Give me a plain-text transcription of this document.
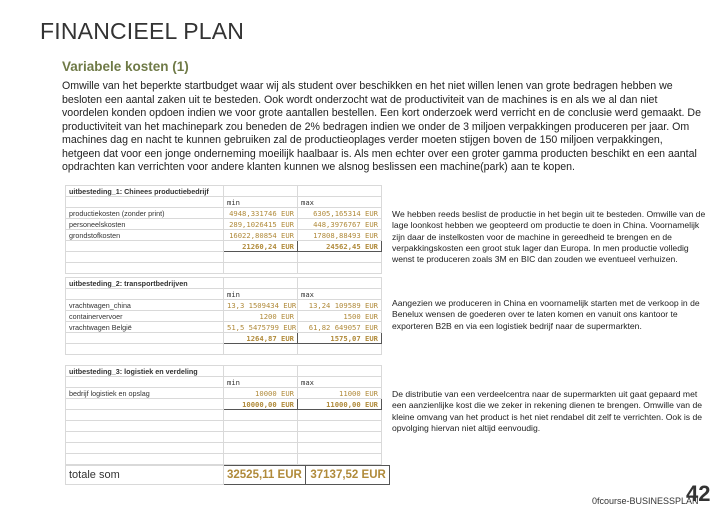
FINANCIEEL PLAN
Variabele kosten (1)

Omwille van het beperkte startbudget waar wij als student over beschikken en het niet willen lenen van grote bedragen hebben we besloten een aantal zaken uit te besteden. Ook wordt onderzocht wat de productiviteit van de machines is en als we al dan niet voordelen konden opdoen indien we voor grote aantallen bestellen. Een kort onderzoek werd verricht en de conclusie werd gemaakt. De productiviteit van het machinepark zou beneden de 2% bedragen indien we onder de 3 miljoen verpakkingen produceren per jaar. Om machines dag en nacht te kunnen gebruiken zal de productieoplages verder moeten stijgen boven de 150 miljoen verpakkingen, hetgeen dat voor een jonge onderneming moeilijk haalbaar is. Als men echter over een groter gamma producten beschikt en een aantal opdrachten kan verrichten voor andere klanten kunnen we alsnog beslissen een machine(park) aan te kopen.

uitbesteding_1: Chinees productiebedrijf		
	min	max
productiekosten (zonder print)	4948,331746 EUR	6305,165314 EUR
personeelskosten	289,1026415 EUR	448,3976767 EUR
grondstofkosten	16022,80854 EUR	17808,88493 EUR
	21260,24 EUR	24562,45 EUR

We hebben reeds beslist de productie in het begin uit te besteden. Omwille van de lage loonkost hebben we geopteerd om productie te doen in China. Voornamelijk zijn daar de instelkosten voor de machine in gereedheid te brengen en de verpakkingskosten een groot stuk lager dan Europa. In men productie volledig wenst te produceren zoals 3M en BIC dan zouden we eventueel verhuizen.

uitbesteding_2: transportbedrijven		
	min	max
vrachtwagen_china	13,3 1509434 EUR	13,24 109589 EUR
containervervoer	1200 EUR	1500 EUR
vrachtwagen België	51,5 5475799 EUR	61,82 649057 EUR
	1264,87 EUR	1575,07 EUR

Aangezien we produceren in China en voornamelijk starten met de verkoop in de Benelux wensen de goederen over te laten komen en vanuit ons kantoor te exporteren B2B en via een logistiek bedrijf naar de supermarkten.

uitbesteding_3: logistiek en verdeling		
	min	max
bedrijf logistiek en opslag	10000 EUR	11000 EUR
	10000,00 EUR	11000,00 EUR

De distributie van een verdeelcentra naar de supermarkten uit gaat gepaard met een aanzienlijke kost die we zeker in rekening dienen te brengen. Omwille van de kleine omvang van het product is het niet rendabel dit zelf te verrichten. Ook is de opvolging hiervan niet altijd eenvoudig.

totale som	32525,11 EUR	37137,52 EUR
0fcourse-BUSINESSPLAN
42
